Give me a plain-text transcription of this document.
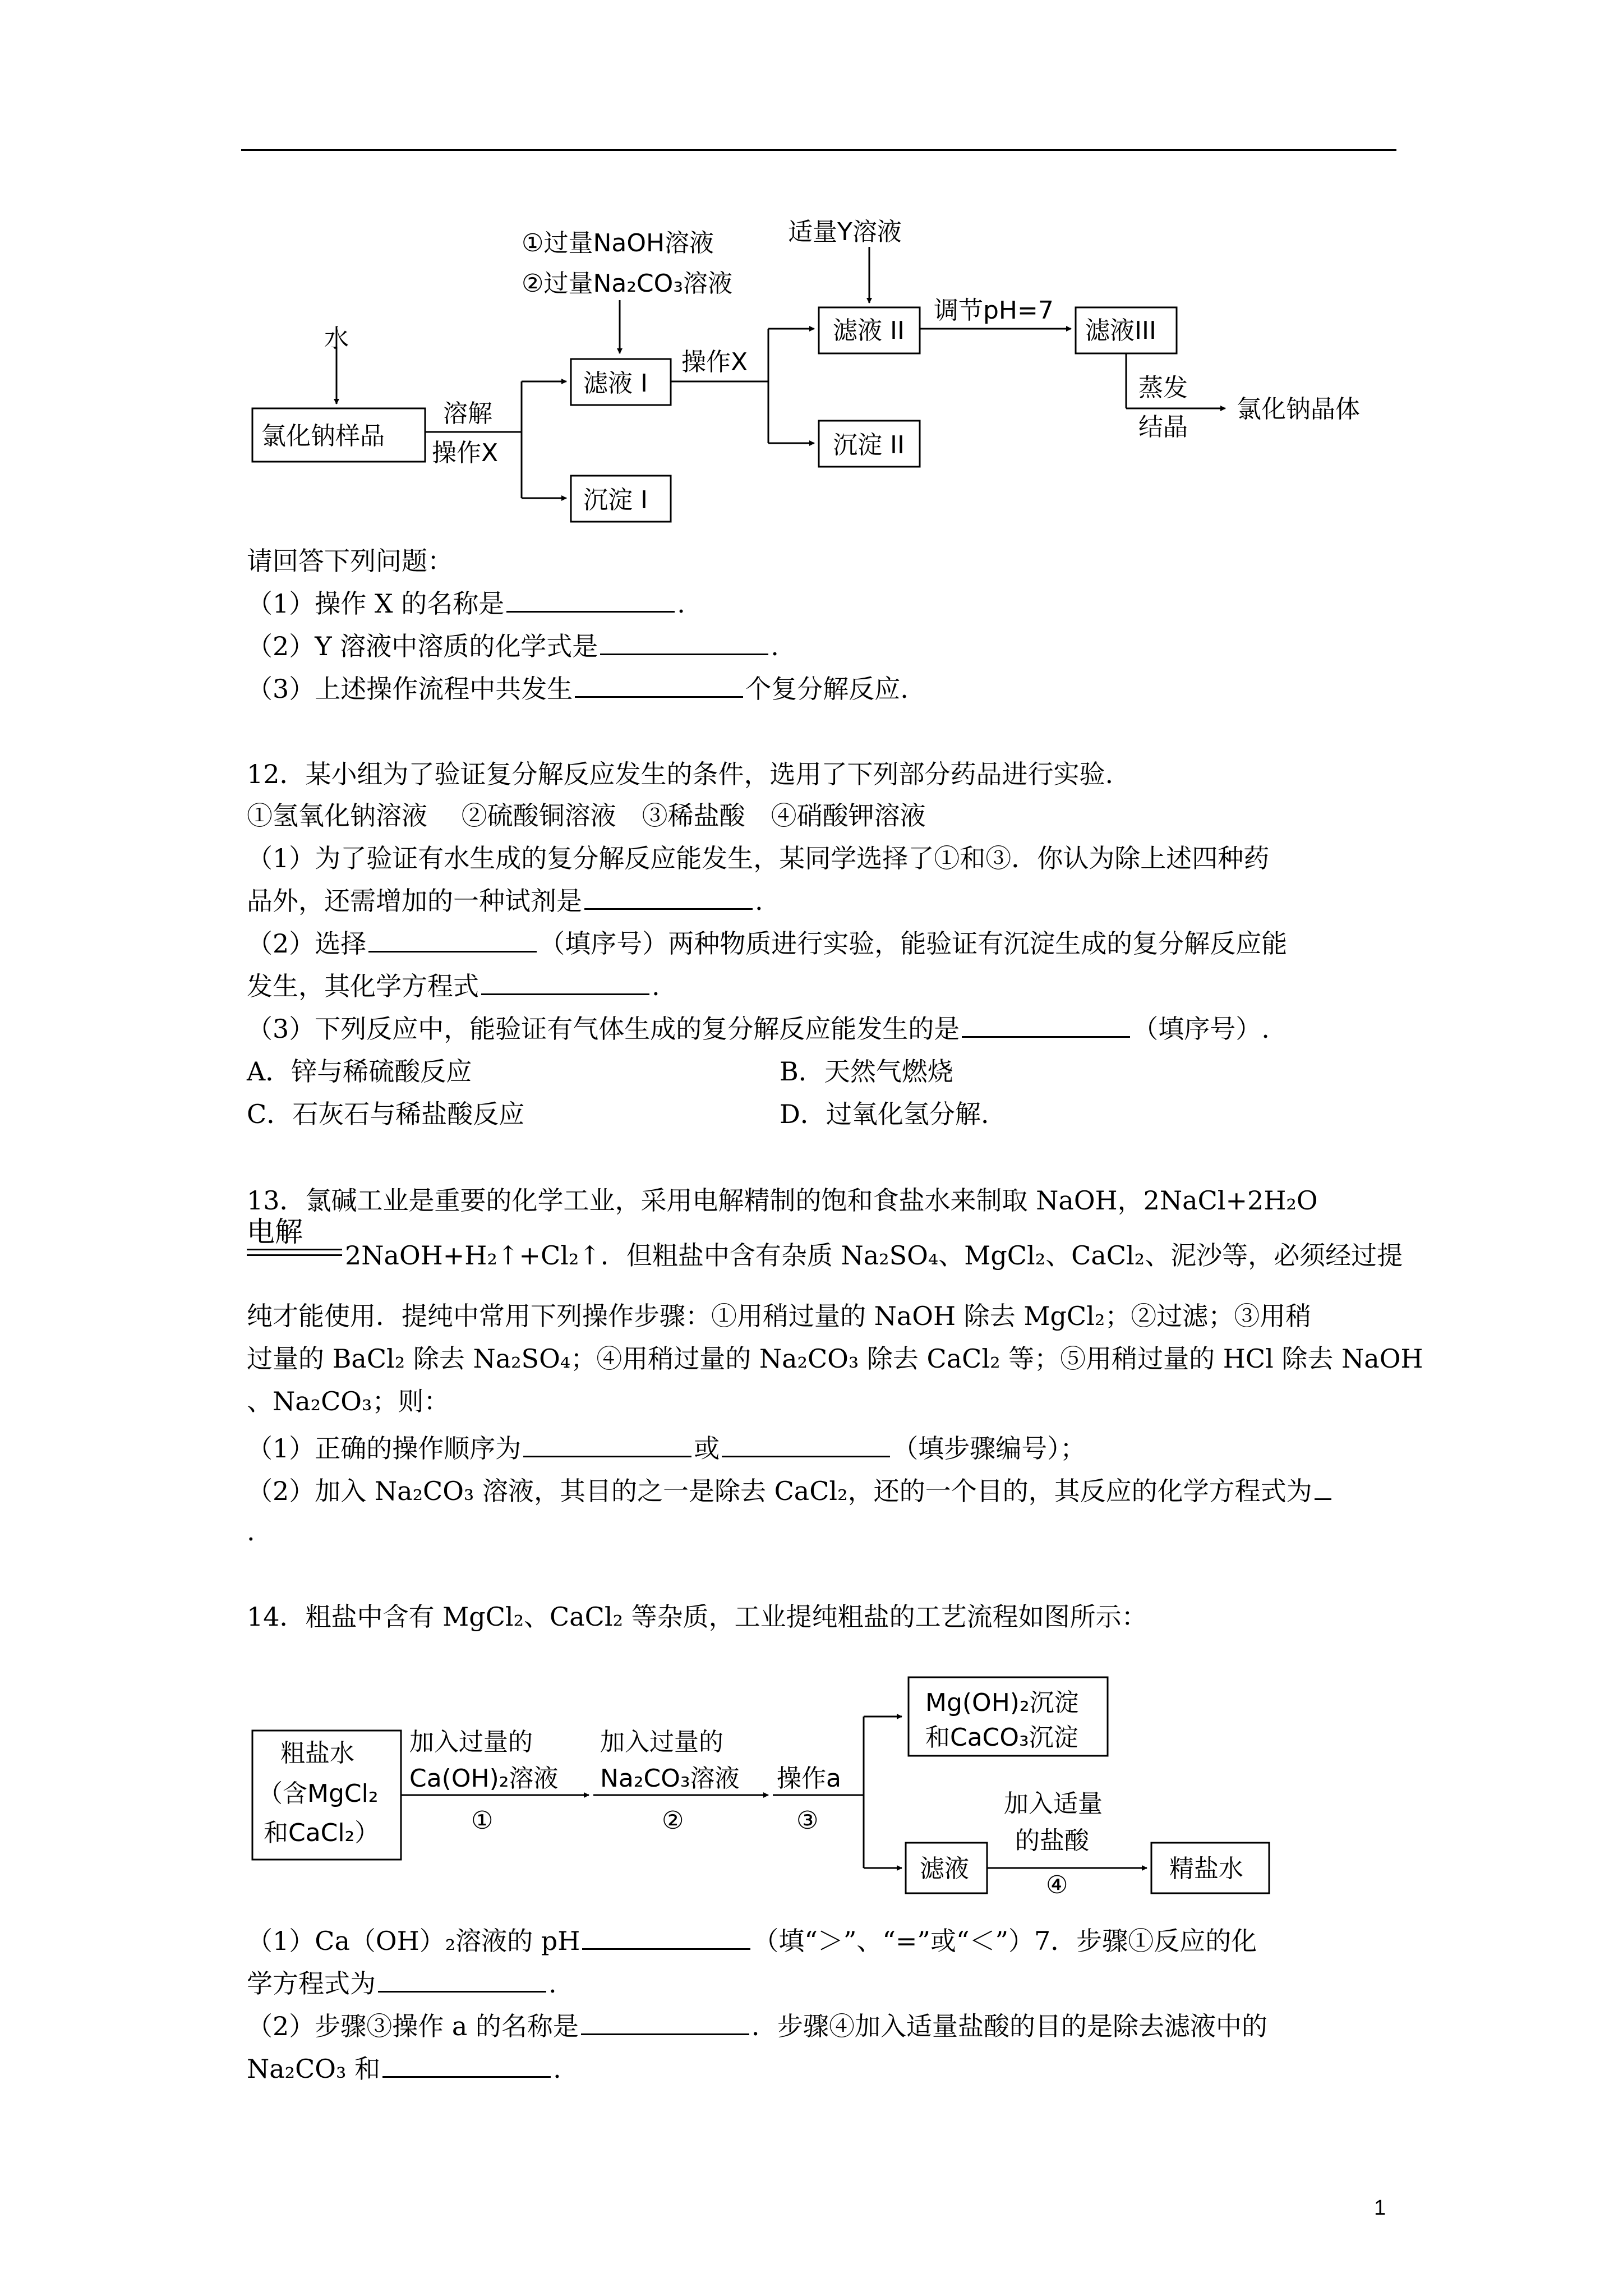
水
氯化钠样品
溶解
操作X
①过量NaOH溶液
②过量Na₂CO₃溶液
滤液 I
沉淀 I
操作X
适量Y溶液
滤液 II
沉淀 II
调节pH=7
滤液III
蒸发
结晶
氯化钠晶体
请回答下列问题：
（1）操作 X 的名称是	.
（2）Y 溶液中溶质的化学式是	.
（3）上述操作流程中共发生	个复分解反应.
12．某小组为了验证复分解反应发生的条件，选用了下列部分药品进行实验.
①氢氧化钠溶液　 ②硫酸铜溶液　③稀盐酸　④硝酸钾溶液
（1）为了验证有水生成的复分解反应能发生，某同学选择了①和③．你认为除上述四种药
品外，还需增加的一种试剂是	.
（2）选择	（填序号）两种物质进行实验，能验证有沉淀生成的复分解反应能
发生，其化学方程式	.
（3）下列反应中，能验证有气体生成的复分解反应能发生的是	（填序号）.
A．锌与稀硫酸反应	B．天然气燃烧
C．石灰石与稀盐酸反应	D．过氧化氢分解.
13．氯碱工业是重要的化学工业，采用电解精制的饱和食盐水来制取 NaOH，2NaCl+2H₂O
电解
2NaOH+H₂↑+Cl₂↑．但粗盐中含有杂质 Na₂SO₄、MgCl₂、CaCl₂、泥沙等，必须经过提
纯才能使用．提纯中常用下列操作步骤：①用稍过量的 NaOH 除去 MgCl₂；②过滤；③用稍
过量的 BaCl₂ 除去 Na₂SO₄；④用稍过量的 Na₂CO₃ 除去 CaCl₂ 等；⑤用稍过量的 HCl 除去 NaOH
、Na₂CO₃；则：
（1）正确的操作顺序为	或	（填步骤编号）；
（2）加入 Na₂CO₃ 溶液，其目的之一是除去 CaCl₂，还的一个目的，其反应的化学方程式为
.
14．粗盐中含有 MgCl₂、CaCl₂ 等杂质，工业提纯粗盐的工艺流程如图所示：
粗盐水
（含MgCl₂
和CaCl₂）
加入过量的
Ca(OH)₂溶液
①
加入过量的
Na₂CO₃溶液
②
操作a
③
Mg(OH)₂沉淀
和CaCO₃沉淀
滤液
加入适量
的盐酸
④
精盐水
（1）Ca（OH）₂溶液的 pH	（填“＞”、“=”或“＜”）7．步骤①反应的化
学方程式为	.
（2）步骤③操作 a 的名称是	．步骤④加入适量盐酸的目的是除去滤液中的
Na₂CO₃ 和	.
1
